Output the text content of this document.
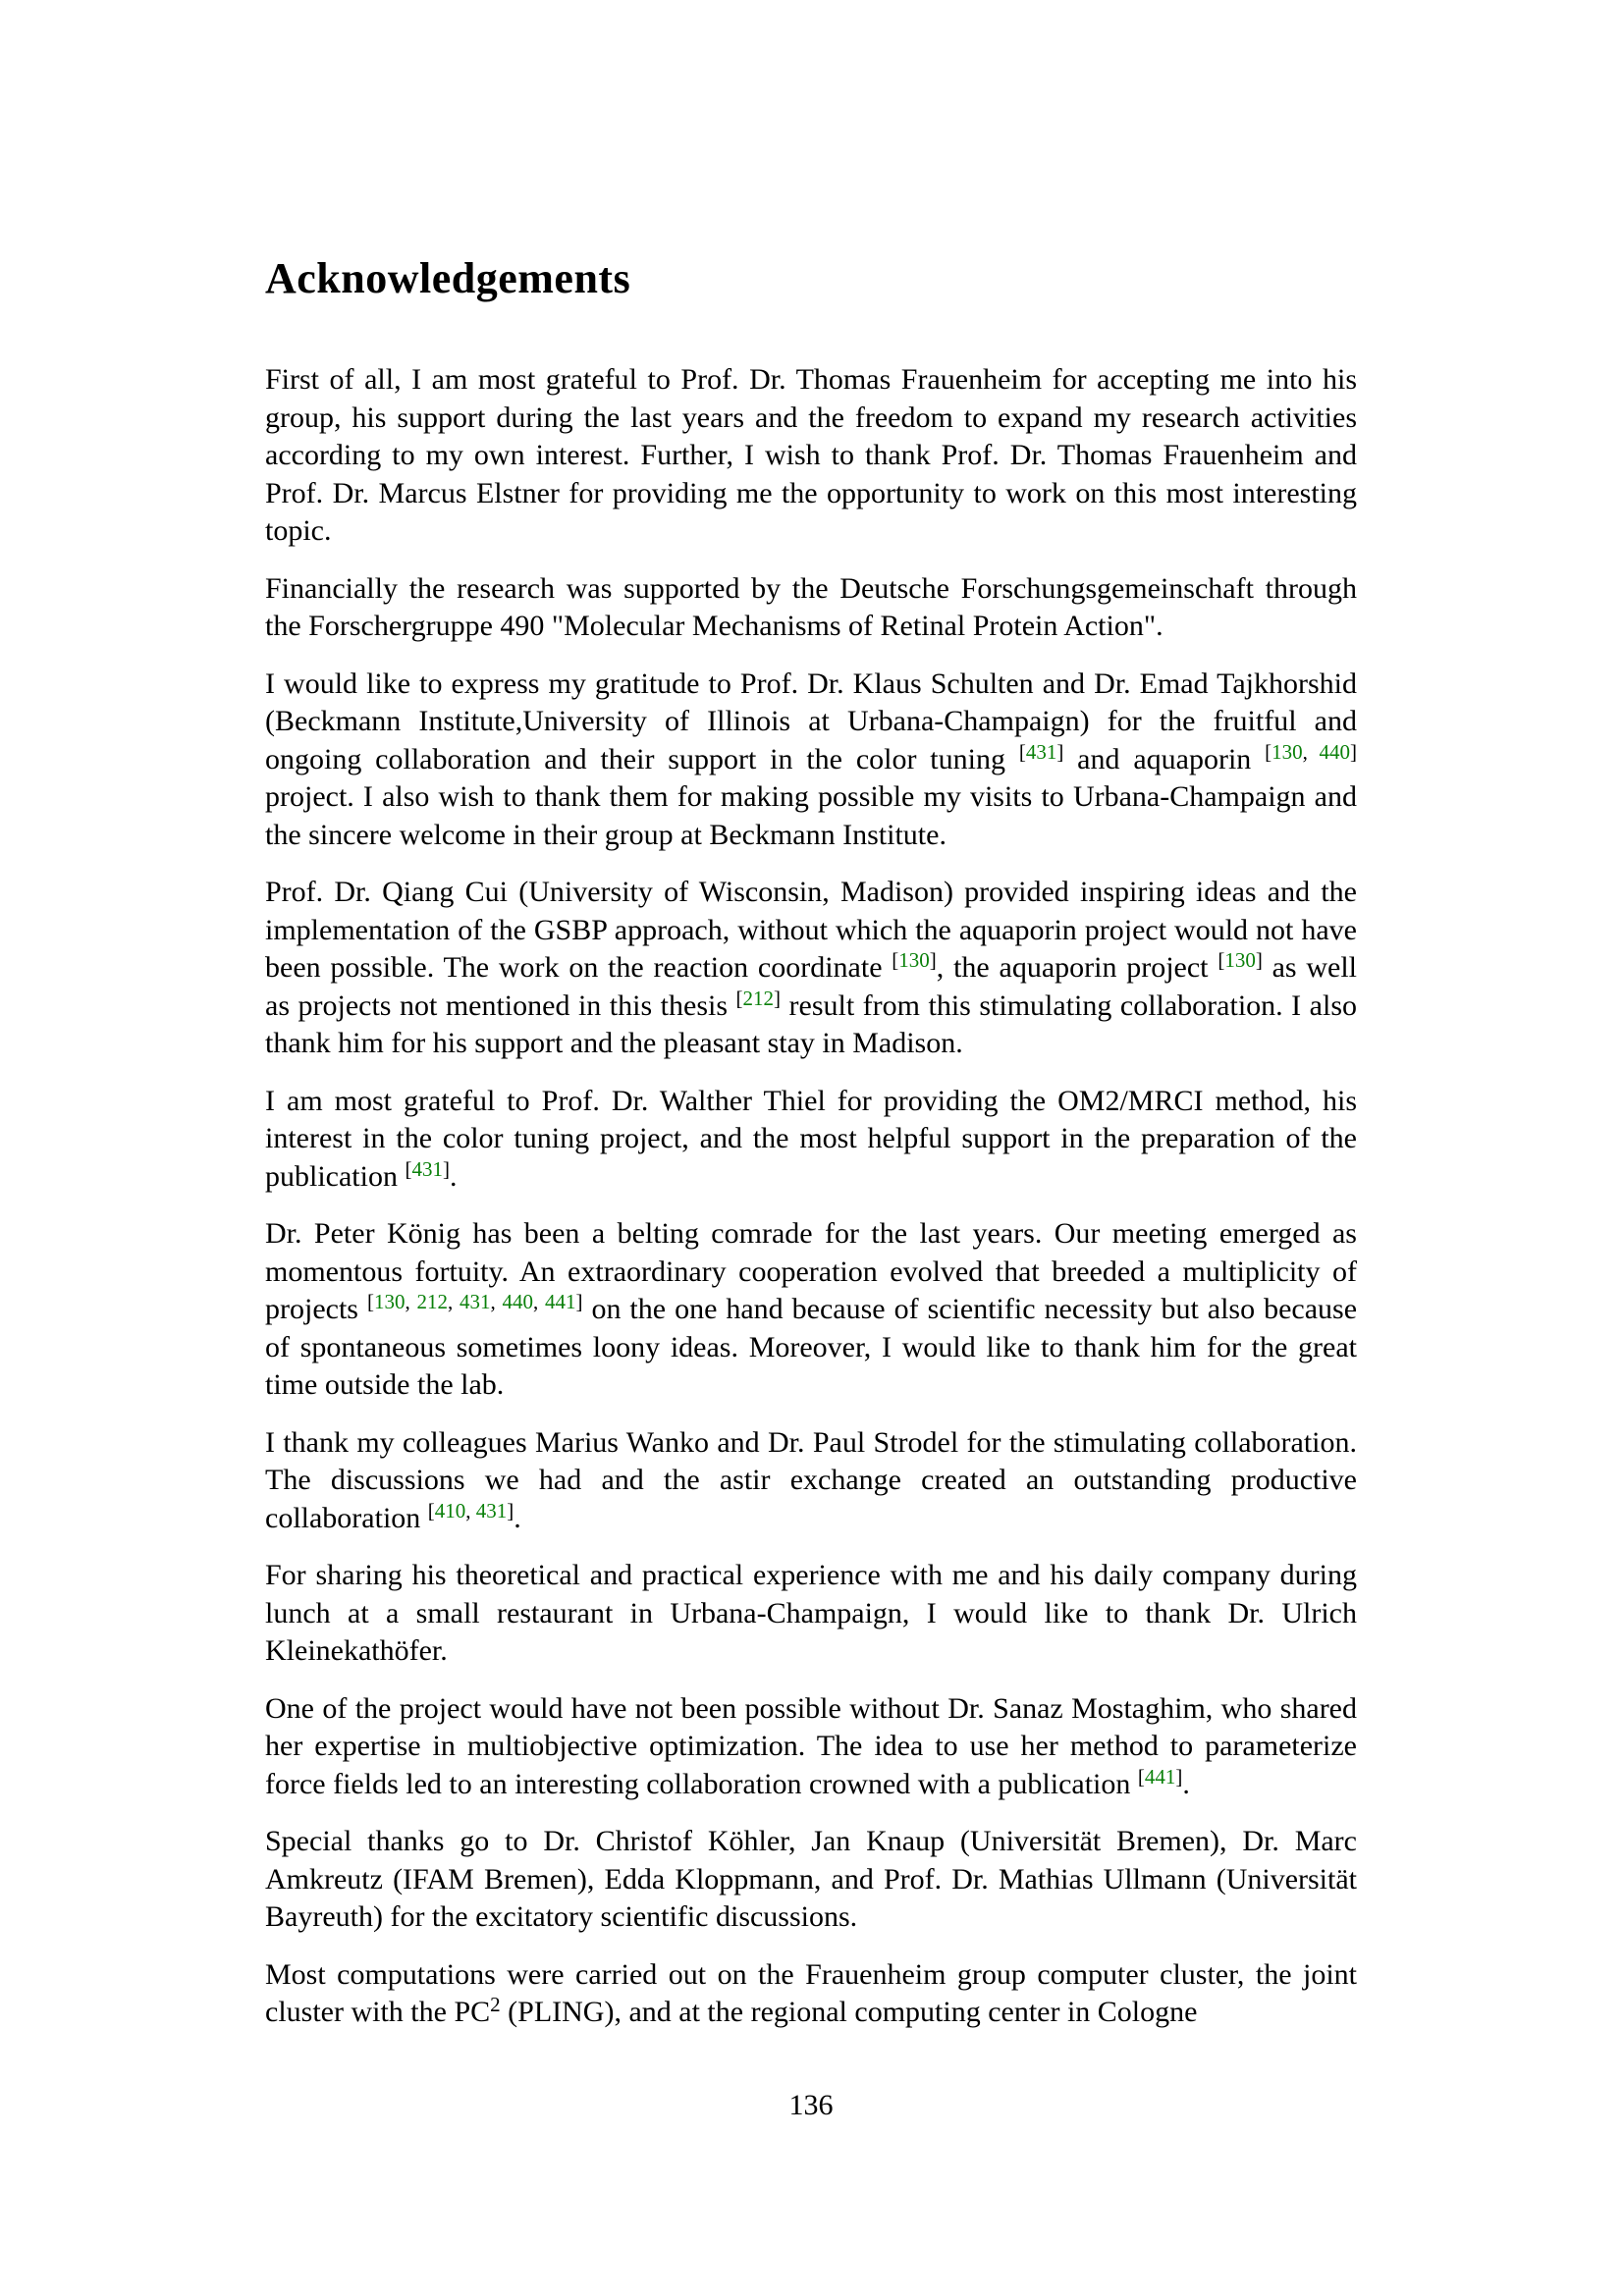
Acknowledgements

First of all, I am most grateful to Prof. Dr. Thomas Frauenheim for accepting me into his group, his support during the last years and the freedom to expand my research activities according to my own interest. Further, I wish to thank Prof. Dr. Thomas Frauenheim and Prof. Dr. Marcus Elstner for providing me the opportunity to work on this most interesting topic.

Financially the research was supported by the Deutsche Forschungsgemeinschaft through the Forschergruppe 490 "Molecular Mechanisms of Retinal Protein Action".

I would like to express my gratitude to Prof. Dr. Klaus Schulten and Dr. Emad Tajkhorshid (Beckmann Institute,University of Illinois at Urbana-Champaign) for the fruitful and ongoing collaboration and their support in the color tuning [431] and aquaporin [130, 440] project. I also wish to thank them for making possible my visits to Urbana-Champaign and the sincere welcome in their group at Beckmann Institute.

Prof. Dr. Qiang Cui (University of Wisconsin, Madison) provided inspiring ideas and the implementation of the GSBP approach, without which the aquaporin project would not have been possible. The work on the reaction coordinate [130], the aquaporin project [130] as well as projects not mentioned in this thesis [212] result from this stimulating collaboration. I also thank him for his support and the pleasant stay in Madison.

I am most grateful to Prof. Dr. Walther Thiel for providing the OM2/MRCI method, his interest in the color tuning project, and the most helpful support in the preparation of the publication [431].

Dr. Peter König has been a belting comrade for the last years. Our meeting emerged as momentous fortuity. An extraordinary cooperation evolved that breeded a multiplicity of projects [130, 212, 431, 440, 441] on the one hand because of scientific necessity but also because of spontaneous sometimes loony ideas. Moreover, I would like to thank him for the great time outside the lab.

I thank my colleagues Marius Wanko and Dr. Paul Strodel for the stimulating collaboration. The discussions we had and the astir exchange created an outstanding productive collaboration [410, 431].

For sharing his theoretical and practical experience with me and his daily company during lunch at a small restaurant in Urbana-Champaign, I would like to thank Dr. Ulrich Kleinekathöfer.

One of the project would have not been possible without Dr. Sanaz Mostaghim, who shared her expertise in multiobjective optimization. The idea to use her method to parameterize force fields led to an interesting collaboration crowned with a publication [441].

Special thanks go to Dr. Christof Köhler, Jan Knaup (Universität Bremen), Dr. Marc Amkreutz (IFAM Bremen), Edda Kloppmann, and Prof. Dr. Mathias Ullmann (Universität Bayreuth) for the excitatory scientific discussions.

Most computations were carried out on the Frauenheim group computer cluster, the joint cluster with the $PC^2$ (PLING), and at the regional computing center in Cologne

136
